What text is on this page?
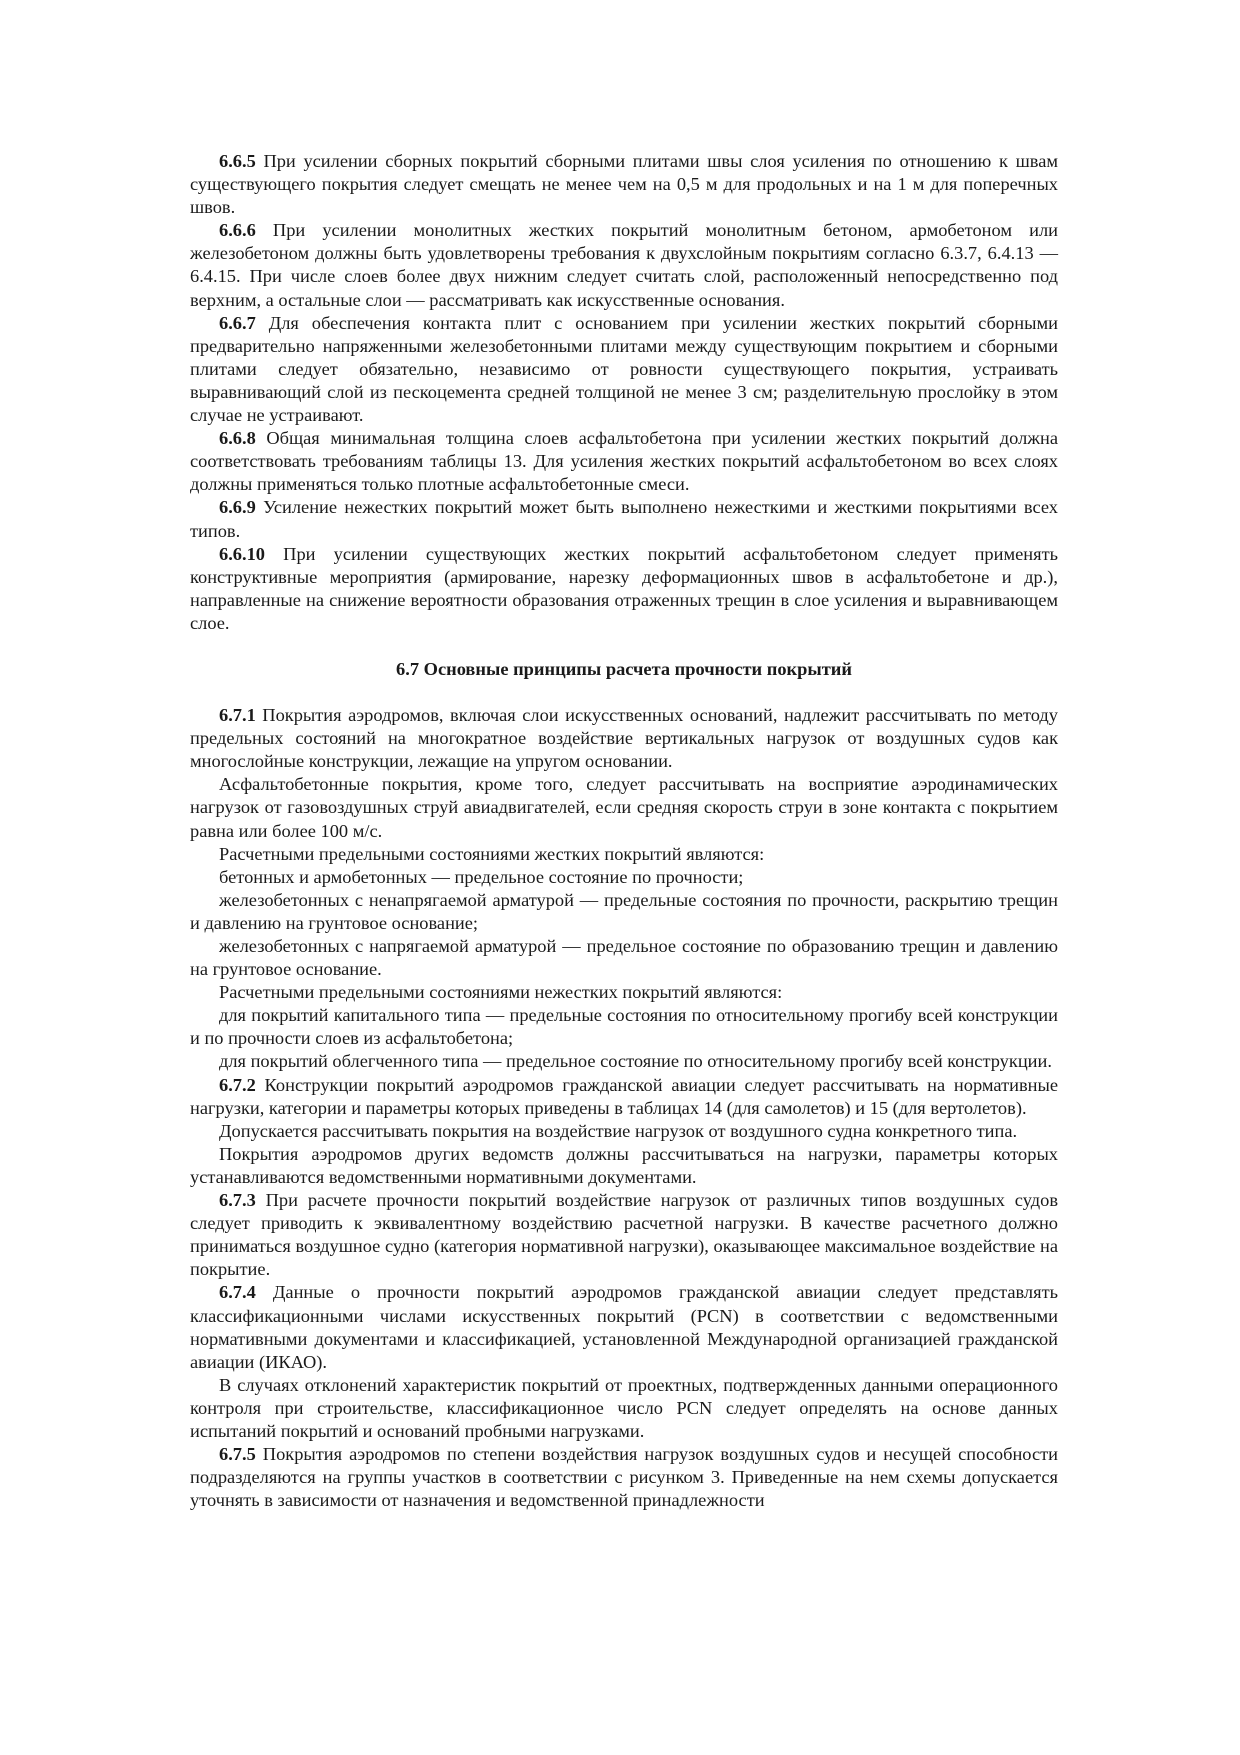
6.6.5 При усилении сборных покрытий сборными плитами швы слоя усиления по отношению к швам существующего покрытия следует смещать не менее чем на 0,5 м для продольных и на 1 м для поперечных швов.

6.6.6 При усилении монолитных жестких покрытий монолитным бетоном, армобетоном или железобетоном должны быть удовлетворены требования к двухслойным покрытиям согласно 6.3.7, 6.4.13 — 6.4.15. При числе слоев более двух нижним следует считать слой, расположенный непосредственно под верхним, а остальные слои — рассматривать как искусственные основания.

6.6.7 Для обеспечения контакта плит с основанием при усилении жестких покрытий сборными предварительно напряженными железобетонными плитами между существующим покрытием и сборными плитами следует обязательно, независимо от ровности существующего покрытия, устраивать выравнивающий слой из пескоцемента средней толщиной не менее 3 см; разделительную прослойку в этом случае не устраивают.

6.6.8 Общая минимальная толщина слоев асфальтобетона при усилении жестких покрытий должна соответствовать требованиям таблицы 13. Для усиления жестких покрытий асфальтобетоном во всех слоях должны применяться только плотные асфальтобетонные смеси.

6.6.9 Усиление нежестких покрытий может быть выполнено нежесткими и жесткими покрытиями всех типов.

6.6.10 При усилении существующих жестких покрытий асфальтобетоном следует применять конструктивные мероприятия (армирование, нарезку деформационных швов в асфальтобетоне и др.), направленные на снижение вероятности образования отраженных трещин в слое усиления и выравнивающем слое.

6.7 Основные принципы расчета прочности покрытий

6.7.1 Покрытия аэродромов, включая слои искусственных оснований, надлежит рассчитывать по методу предельных состояний на многократное воздействие вертикальных нагрузок от воздушных судов как многослойные конструкции, лежащие на упругом основании.

Асфальтобетонные покрытия, кроме того, следует рассчитывать на восприятие аэродинамических нагрузок от газовоздушных струй авиадвигателей, если средняя скорость струи в зоне контакта с покрытием равна или более 100 м/с.

Расчетными предельными состояниями жестких покрытий являются:

бетонных и армобетонных — предельное состояние по прочности;

железобетонных с ненапрягаемой арматурой — предельные состояния по прочности, раскрытию трещин и давлению на грунтовое основание;

железобетонных с напрягаемой арматурой — предельное состояние по образованию трещин и давлению на грунтовое основание.

Расчетными предельными состояниями нежестких покрытий являются:

для покрытий капитального типа — предельные состояния по относительному прогибу всей конструкции и по прочности слоев из асфальтобетона;

для покрытий облегченного типа — предельное состояние по относительному прогибу всей конструкции.

6.7.2 Конструкции покрытий аэродромов гражданской авиации следует рассчитывать на нормативные нагрузки, категории и параметры которых приведены в таблицах 14 (для самолетов) и 15 (для вертолетов).

Допускается рассчитывать покрытия на воздействие нагрузок от воздушного судна конкретного типа.

Покрытия аэродромов других ведомств должны рассчитываться на нагрузки, параметры которых устанавливаются ведомственными нормативными документами.

6.7.3 При расчете прочности покрытий воздействие нагрузок от различных типов воздушных судов следует приводить к эквивалентному воздействию расчетной нагрузки. В качестве расчетного должно приниматься воздушное судно (категория нормативной нагрузки), оказывающее максимальное воздействие на покрытие.

6.7.4 Данные о прочности покрытий аэродромов гражданской авиации следует представлять классификационными числами искусственных покрытий (PCN) в соответствии с ведомственными нормативными документами и классификацией, установленной Международной организацией гражданской авиации (ИКАО).

В случаях отклонений характеристик покрытий от проектных, подтвержденных данными операционного контроля при строительстве, классификационное число PCN следует определять на основе данных испытаний покрытий и оснований пробными нагрузками.

6.7.5 Покрытия аэродромов по степени воздействия нагрузок воздушных судов и несущей способности подразделяются на группы участков в соответствии с рисунком 3. Приведенные на нем схемы допускается уточнять в зависимости от назначения и ведомственной принадлежности
